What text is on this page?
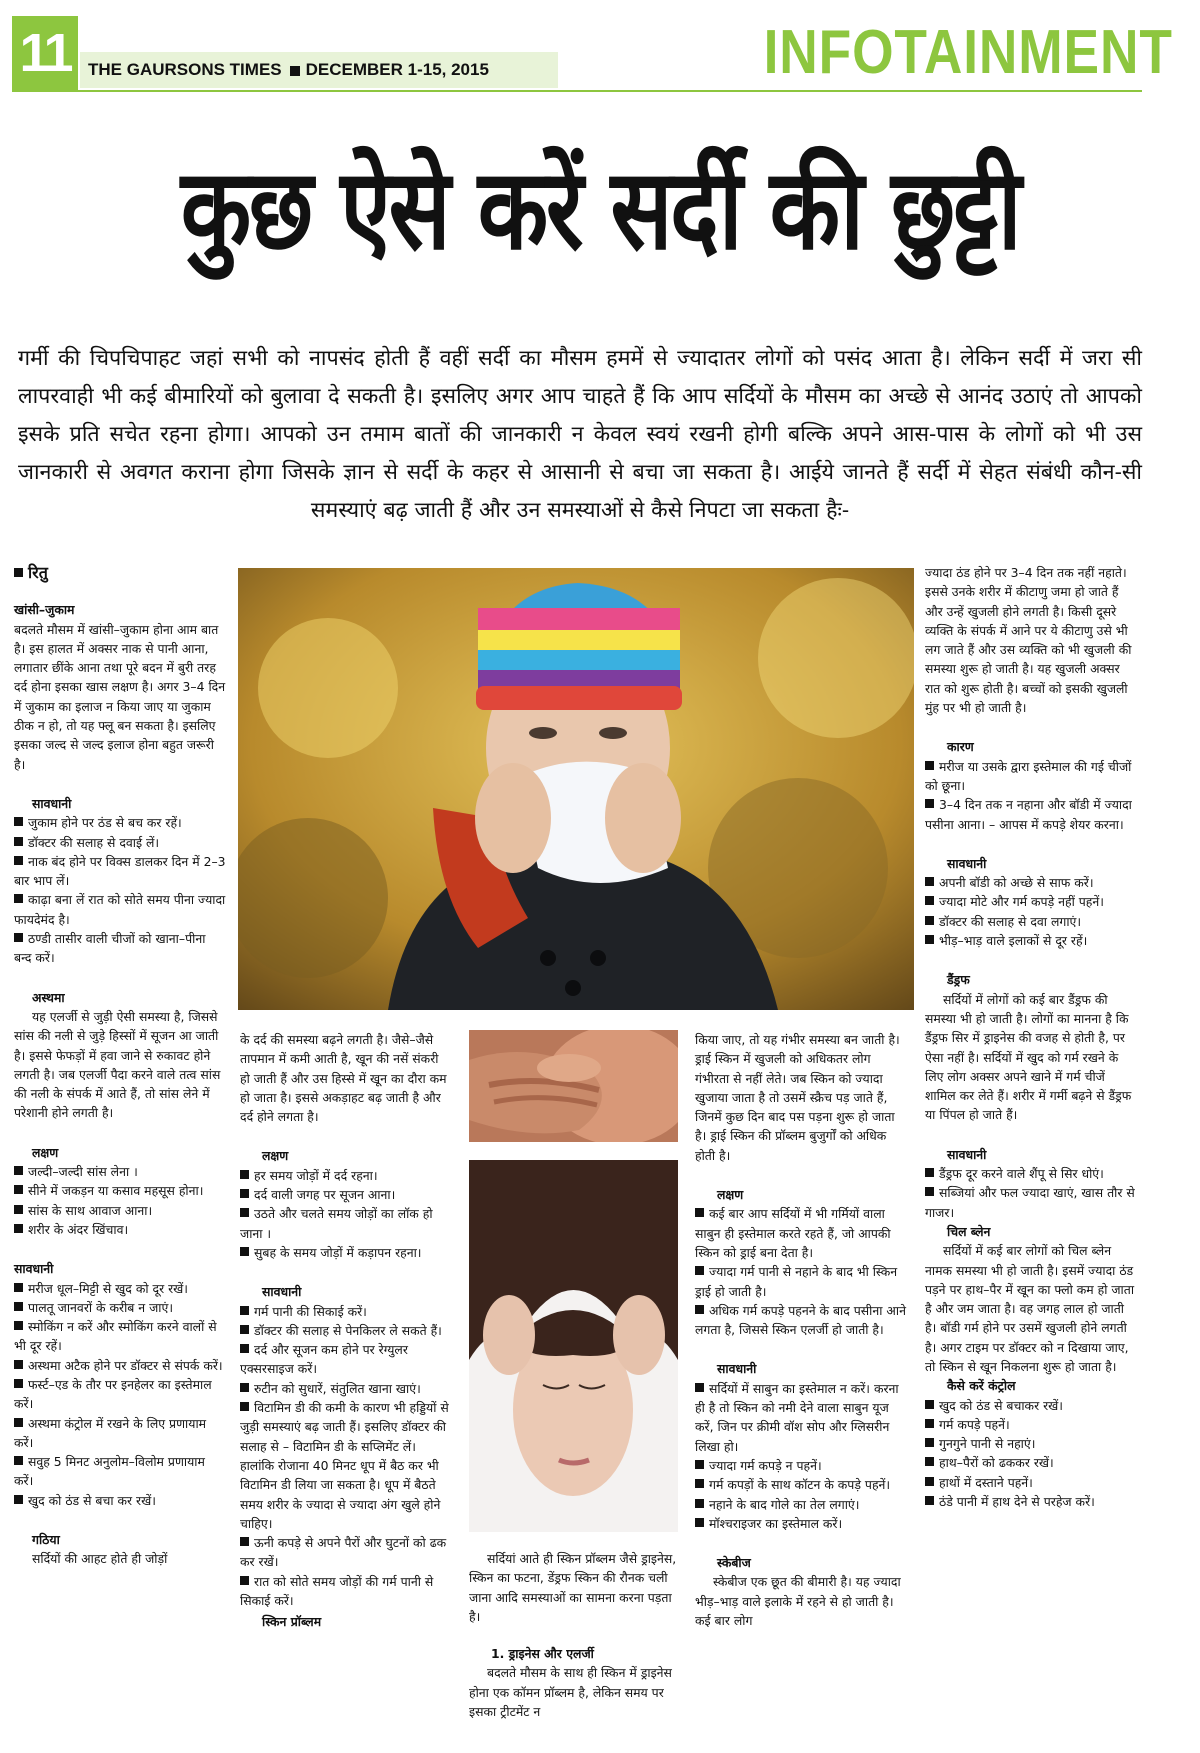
11	THE GAURSONS TIMES DECEMBER 1-15, 2015	INFOTAINMENT
कुछ ऐसे करें सर्दी की छुट्टी
गर्मी की चिपचिपाहट जहां सभी को नापसंद होती हैं वहीं सर्दी का मौसम हममें से ज्यादातर लोगों को पसंद आता है। लेकिन सर्दी में जरा सी लापरवाही भी कई बीमारियों को बुलावा दे सकती है। इसलिए अगर आप चाहते हैं कि आप सर्दियों के मौसम का अच्छे से आनंद उठाएं तो आपको इसके प्रति सचेत रहना होगा। आपको उन तमाम बातों की जानकारी न केवल स्वयं रखनी होगी बल्कि अपने आस-पास के लोगों को भी उस जानकारी से अवगत कराना होगा जिसके ज्ञान से सर्दी के कहर से आसानी से बचा जा सकता है। आईये जानते हैं सर्दी में सेहत संबंधी कौन-सी समस्याएं बढ़ जाती हैं और उन समस्याओं से कैसे निपटा जा सकता हैः-

रितु

खांसी–जुकाम

बदलते मौसम में खांसी–जुकाम होना आम बात है। इस हालत में अक्सर नाक से पानी आना, लगातार छींके आना तथा पूरे बदन में बुरी तरह दर्द होना इसका खास लक्षण है। अगर 3–4 दिन में जुकाम का इलाज न किया जाए या जुकाम ठीक न हो, तो यह फ्लू बन सकता है। इसलिए इसका जल्द से जल्द इलाज होना बहुत जरूरी है।

सावधानी

जुकाम होने पर ठंड से बच कर रहें।

डॉक्टर की सलाह से दवाई लें।

नाक बंद होने पर विक्स डालकर दिन में 2–3 बार भाप लें।

काढ़ा बना लें रात को सोते समय पीना ज्यादा फायदेमंद है।

ठण्डी तासीर वाली चीजों को खाना–पीना बन्द करें।

अस्थमा

यह एलर्जी से जुड़ी ऐसी समस्या है, जिससे सांस की नली से जुड़े हिस्सों में सूजन आ जाती है। इससे फेफड़ों में हवा जाने से रुकावट होने लगती है। जब एलर्जी पैदा करने वाले तत्व सांस की नली के संपर्क में आते हैं, तो सांस लेने में परेशानी होने लगती है।

लक्षण

जल्दी–जल्दी सांस लेना ।

सीने में जकड़न या कसाव महसूस होना।

सांस के साथ आवाज आना।

शरीर के अंदर खिंचाव।

सावधानी

मरीज धूल–मिट्टी से खुद को दूर रखें।

पालतू जानवरों के करीब न जाएं।

स्मोकिंग न करें और स्मोकिंग करने वालों से भी दूर रहें।

अस्थमा अटैक होने पर डॉक्टर से संपर्क करें।

फर्स्ट–एड के तौर पर इनहेलर का इस्तेमाल करें।

अस्थमा कंट्रोल में रखने के लिए प्रणायाम करें।

सवुह 5 मिनट अनुलोम–विलोम प्रणायाम करें।

खुद को ठंड से बचा कर रखें।

गठिया

सर्दियों की आहट होते ही जोड़ों

के दर्द की समस्या बढ़ने लगती है। जैसे–जैसे तापमान में कमी आती है, खून की नसें संकरी हो जाती हैं और उस हिस्से में खून का दौरा कम हो जाता है। इससे अकड़ाहट बढ़ जाती है और दर्द होने लगता है।

लक्षण

हर समय जोड़ों में दर्द रहना।

दर्द वाली जगह पर सूजन आना।

उठते और चलते समय जोड़ों का लॉक हो जाना ।

सुबह के समय जोड़ों में कड़ापन रहना।

सावधानी

गर्म पानी की सिकाई करें।

डॉक्टर की सलाह से पेनकिलर ले सकते हैं।

दर्द और सूजन कम होने पर रेग्युलर एक्सरसाइज करें।

रुटीन को सुधारें, संतुलित खाना खाएं।

विटामिन डी की कमी के कारण भी हड्डियों से जुड़ी समस्याएं बढ़ जाती हैं। इसलिए डॉक्टर की सलाह से – विटामिन डी के सप्लिमेंट लें। हालांकि रोजाना 40 मिनट धूप में बैठ कर भी विटामिन डी लिया जा सकता है। धूप में बैठते समय शरीर के ज्यादा से ज्यादा अंग खुले होने चाहिए।

ऊनी कपड़े से अपने पैरों और घुटनों को ढक कर रखें।

रात को सोते समय जोड़ों की गर्म पानी से सिकाई करें।

स्किन प्रॉब्लम

सर्दियां आते ही स्किन प्रॉब्लम जैसे ड्राइनेस, स्किन का फटना, डेंड्रफ स्किन की रौनक चली जाना आदि समस्याओं का सामना करना पड़ता है।

1. ड्राइनेस और एलर्जी

बदलते मौसम के साथ ही स्किन में ड्राइनेस होना एक कॉमन प्रॉब्लम है, लेकिन समय पर इसका ट्रीटमेंट न

किया जाए, तो यह गंभीर समस्या बन जाती है। ड्राई स्किन में खुजली को अधिकतर लोग गंभीरता से नहीं लेते। जब स्किन को ज्यादा खुजाया जाता है तो उसमें स्क्रैच पड़ जाते हैं, जिनमें कुछ दिन बाद पस पड़ना शुरू हो जाता है। ड्राई स्किन की प्रॉब्लम बुजुर्गों को अधिक होती है।

लक्षण

कई बार आप सर्दियों में भी गर्मियों वाला साबुन ही इस्तेमाल करते रहते हैं, जो आपकी स्किन को ड्राई बना देता है।

ज्यादा गर्म पानी से नहाने के बाद भी स्किन ड्राई हो जाती है।

अधिक गर्म कपड़े पहनने के बाद पसीना आने लगता है, जिससे स्किन एलर्जी हो जाती है।

सावधानी

सर्दियों में साबुन का इस्तेमाल न करें। करना ही है तो स्किन को नमी देने वाला साबुन यूज करें, जिन पर क्रीमी वॉश सोप और ग्लिसरीन लिखा हो।

ज्यादा गर्म कपड़े न पहनें।

गर्म कपड़ों के साथ कॉटन के कपड़े पहनें।

नहाने के बाद गोले का तेल लगाएं।

मॉश्चराइजर का इस्तेमाल करें।

स्केबीज

स्केबीज एक छूत की बीमारी है। यह ज्यादा भीड़–भाड़ वाले इलाके में रहने से हो जाती है। कई बार लोग

ज्यादा ठंड होने पर 3–4 दिन तक नहीं नहाते। इससे उनके शरीर में कीटाणु जमा हो जाते हैं और उन्हें खुजली होने लगती है। किसी दूसरे व्यक्ति के संपर्क में आने पर ये कीटाणु उसे भी लग जाते हैं और उस व्यक्ति को भी खुजली की समस्या शुरू हो जाती है। यह खुजली अक्सर रात को शुरू होती है। बच्चों को इसकी खुजली मुंह पर भी हो जाती है।

कारण

मरीज या उसके द्वारा इस्तेमाल की गई चीजों को छूना।

3–4 दिन तक न नहाना और बॉडी में ज्यादा पसीना आना। – आपस में कपड़े शेयर करना।

सावधानी

अपनी बॉडी को अच्छे से साफ करें।

ज्यादा मोटे और गर्म कपड़े नहीं पहनें।

डॉक्टर की सलाह से दवा लगाएं।

भीड़–भाड़ वाले इलाकों से दूर रहें।

डैंड्रफ

सर्दियों में लोगों को कई बार डैंड्रफ की समस्या भी हो जाती है। लोगों का मानना है कि डैंड्रफ सिर में ड्राइनेस की वजह से होती है, पर ऐसा नहीं है। सर्दियों में खुद को गर्म रखने के लिए लोग अक्सर अपने खाने में गर्म चीजें शामिल कर लेते हैं। शरीर में गर्मी बढ़ने से डैंड्रफ या पिंपल हो जाते हैं।

सावधानी

डैंड्रफ दूर करने वाले शैंपू से सिर धोएं।

सब्जियां और फल ज्यादा खाएं, खास तौर से गाजर।

चिल ब्लेन

सर्दियों में कई बार लोगों को चिल ब्लेन नामक समस्या भी हो जाती है। इसमें ज्यादा ठंड पड़ने पर हाथ–पैर में खून का फ्लो कम हो जाता है और जम जाता है। वह जगह लाल हो जाती है। बॉडी गर्म होने पर उसमें खुजली होने लगती है। अगर टाइम पर डॉक्टर को न दिखाया जाए, तो स्किन से खून निकलना शुरू हो जाता है।

कैसे करें कंट्रोल

खुद को ठंड से बचाकर रखें।

गर्म कपड़े पहनें।

गुनगुने पानी से नहाएं।

हाथ–पैरों को ढककर रखें।

हाथों में दस्ताने पहनें।

ठंडे पानी में हाथ देने से परहेज करें।
